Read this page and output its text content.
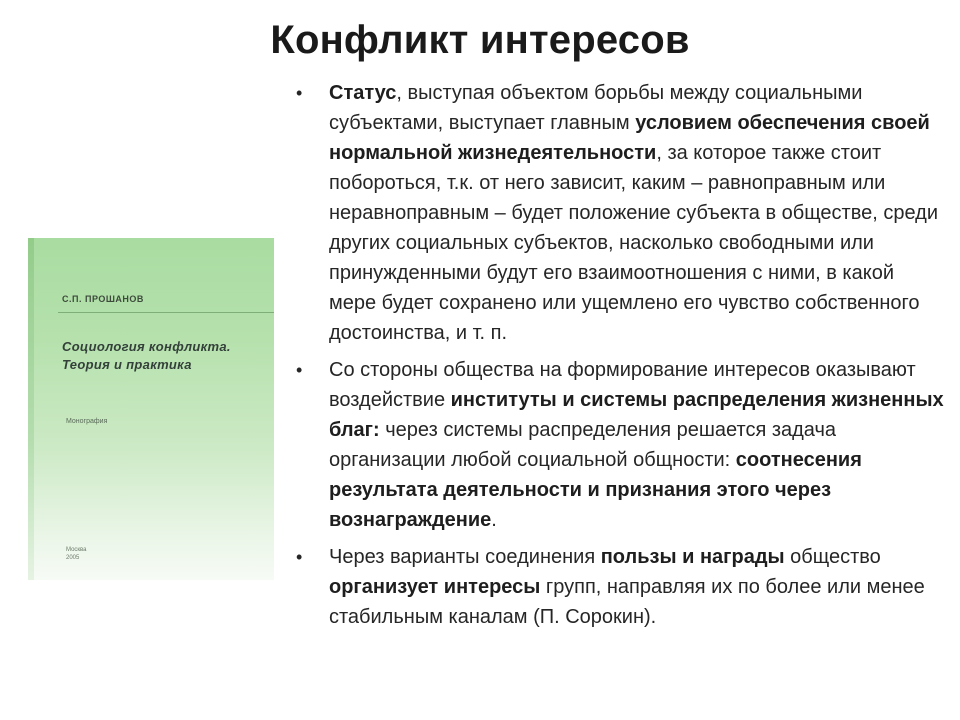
Конфликт интересов
С.П. ПРОШАНОВ
Социология конфликта. Теория и практика
Монография
Москва
2005
• Статус, выступая объектом борьбы между социальными субъектами, выступает главным условием обеспечения своей нормальной жизнедеятельности, за которое также стоит побороться, т.к. от него зависит, каким – равноправным или неравноправным – будет положение субъекта в обществе, среди других социальных субъектов, насколько свободными или принужденными будут его взаимоотношения с ними, в какой мере будет сохранено или ущемлено его чувство собственного достоинства, и т. п.
• Со стороны общества на формирование интересов оказывают воздействие институты и системы распределения жизненных благ: через системы распределения решается задача организации любой социальной общности: соотнесения результата деятельности и признания этого через вознаграждение.
• Через варианты соединения пользы и награды общество организует интересы групп, направляя их по более или менее стабильным каналам (П. Сорокин).
